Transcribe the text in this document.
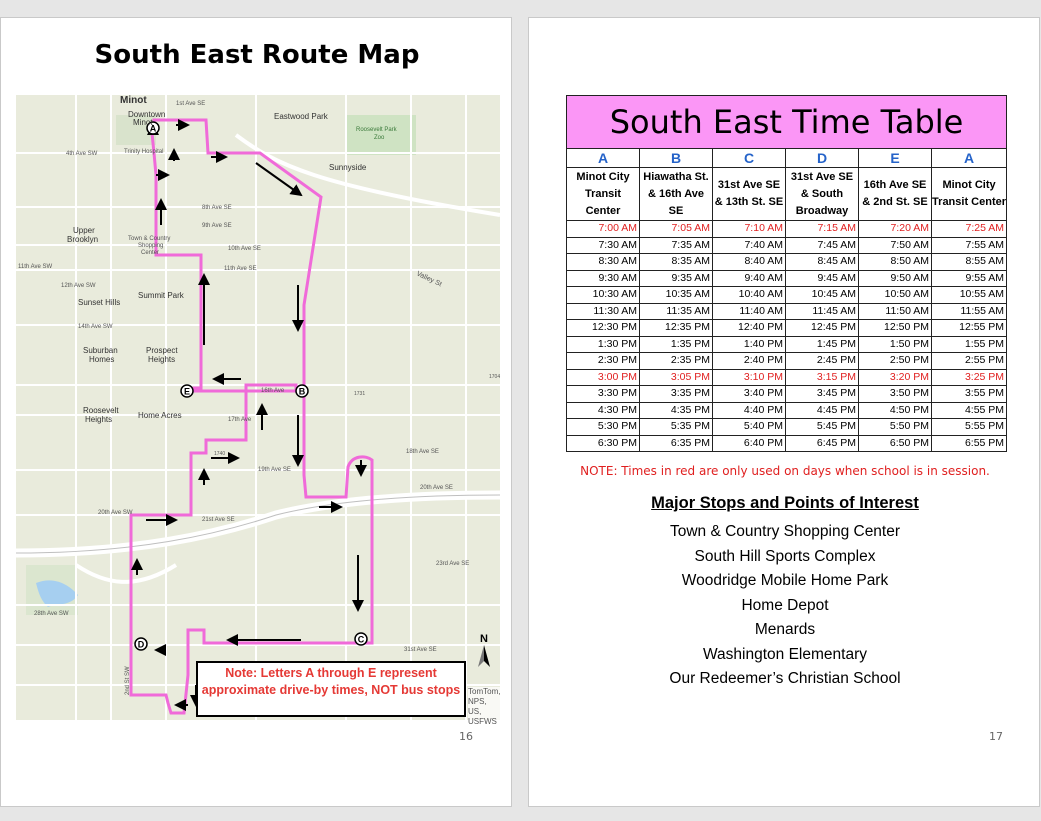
South East Route Map
A
B
C
D
E
Minot
Downtown
Minot
Eastwood Park
Roosevelt Park
Zoo
Trinity Hospital
Sunnyside
Upper
Brooklyn	Town & Country
Shopping
Center
Sunset Hills
Summit Park
Suburban
Homes
Prospect
Heights
Roosevelt
Heights	Home Acres
1st Ave SE
4th Ave SW
8th Ave SE
9th Ave SE
10th Ave SE
11th Ave SE
11th Ave SW
12th Ave SW
14th Ave SW
16th Ave
17th Ave
18th Ave SE
19th Ave SE
20th Ave SE
20th Ave SW
21st Ave SE
23rd Ave SE
28th Ave SW
31st Ave SE
Valley St
1704
1731
1740
2nd St SW
N
TomTom, NPS, US, USFWS
Note: Letters A through E represent approximate drive-by times, NOT bus stops
16
South East Time Table					
A	B	C	D	E	A
Minot City Transit Center	Hiawatha St. & 16th Ave SE	31st Ave SE & 13th St. SE	31st Ave SE & South Broadway	16th Ave SE & 2nd St. SE	Minot City Transit Center
7:00 AM	7:05 AM	7:10 AM	7:15 AM	7:20 AM	7:25 AM
7:30 AM	7:35 AM	7:40 AM	7:45 AM	7:50 AM	7:55 AM
8:30 AM	8:35 AM	8:40 AM	8:45 AM	8:50 AM	8:55 AM
9:30 AM	9:35 AM	9:40 AM	9:45 AM	9:50 AM	9:55 AM
10:30 AM	10:35 AM	10:40 AM	10:45 AM	10:50 AM	10:55 AM
11:30 AM	11:35 AM	11:40 AM	11:45 AM	11:50 AM	11:55 AM
12:30 PM	12:35 PM	12:40 PM	12:45 PM	12:50 PM	12:55 PM
1:30 PM	1:35 PM	1:40 PM	1:45 PM	1:50 PM	1:55 PM
2:30 PM	2:35 PM	2:40 PM	2:45 PM	2:50 PM	2:55 PM
3:00 PM	3:05 PM	3:10 PM	3:15 PM	3:20 PM	3:25 PM
3:30 PM	3:35 PM	3:40 PM	3:45 PM	3:50 PM	3:55 PM
4:30 PM	4:35 PM	4:40 PM	4:45 PM	4:50 PM	4:55 PM
5:30 PM	5:35 PM	5:40 PM	5:45 PM	5:50 PM	5:55 PM
6:30 PM	6:35 PM	6:40 PM	6:45 PM	6:50 PM	6:55 PM
NOTE: Times in red are only used on days when school is in session.
Major Stops and Points of Interest
Town & Country Shopping Center
South Hill Sports Complex
Woodridge Mobile Home Park
Home Depot
Menards
Washington Elementary
Our Redeemer’s Christian School
17
